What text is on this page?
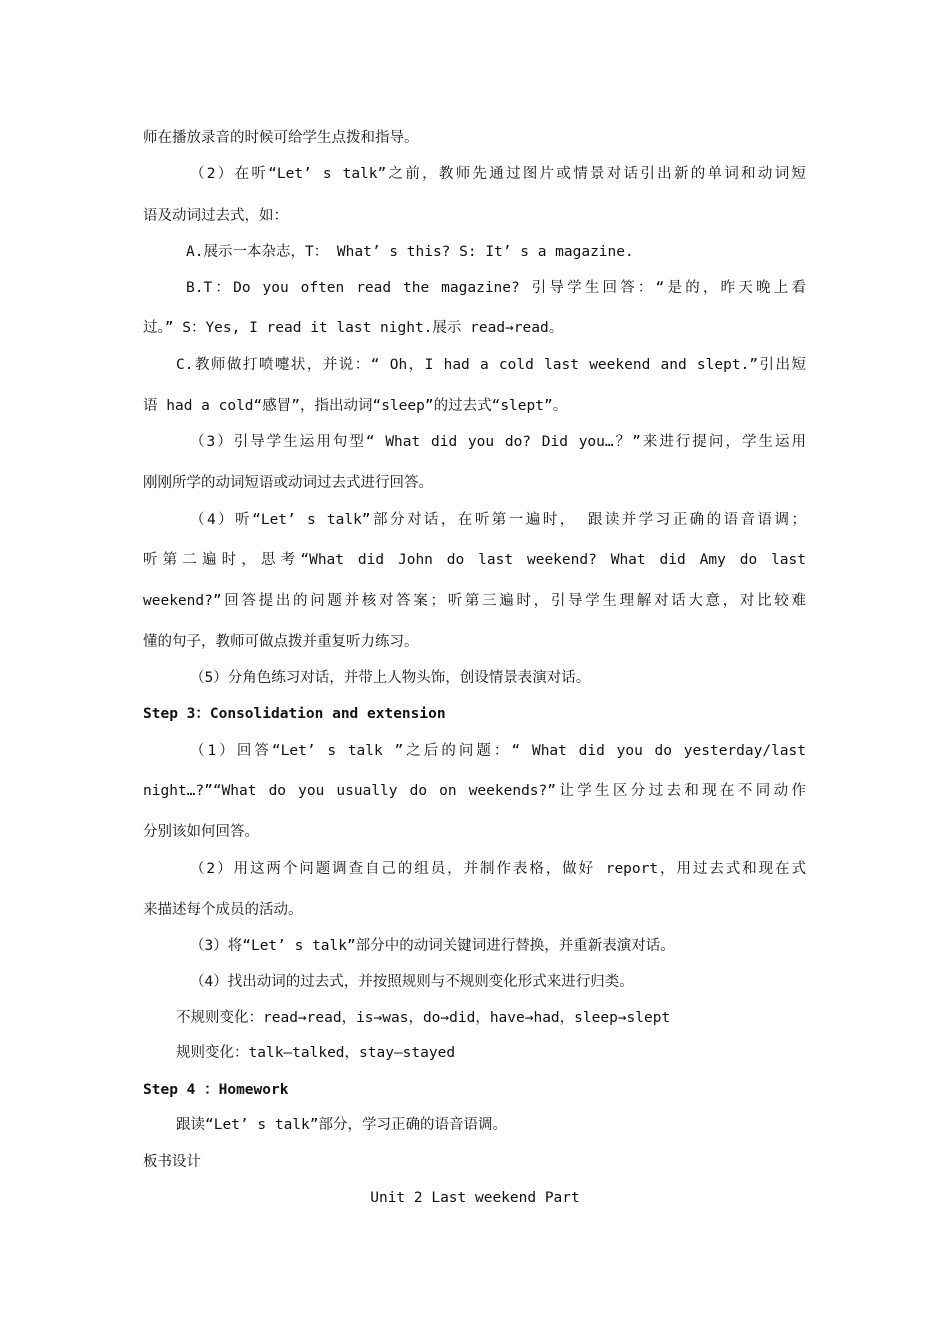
师在播放录音的时候可给学生点拨和指导。
（2）在听“Let’ s talk”之前，教师先通过图片或情景对话引出新的单词和动词短
语及动词过去式，如：
A.展示一本杂志，T： What’ s this? S: It’ s a magazine.
B.T：Do you often read the magazine? 引导学生回答：“是的，昨天晚上看
过。” S：Yes, I read it last night.展示 read→read。
C.教师做打喷嚏状，并说：“ Oh，I had a cold last weekend and slept.”引出短
语 had a cold“感冒”，指出动词“sleep”的过去式“slept”。
（3）引导学生运用句型“ What did you do? Did you…？”来进行提问，学生运用
刚刚所学的动词短语或动词过去式进行回答。
（4）听“Let’ s talk”部分对话，在听第一遍时， 跟读并学习正确的语音语调；
听第二遍时，思考“What did John do last weekend? What did Amy do last
weekend?”回答提出的问题并核对答案；听第三遍时，引导学生理解对话大意，对比较难
懂的句子，教师可做点拨并重复听力练习。
（5）分角色练习对话，并带上人物头饰，创设情景表演对话。
Step 3：Consolidation and extension
（1）回答“Let’ s talk ”之后的问题：“ What did you do yesterday/last
night…?”“What do you usually do on weekends?”让学生区分过去和现在不同动作
分别该如何回答。
（2）用这两个问题调查自己的组员，并制作表格，做好 report，用过去式和现在式
来描述每个成员的活动。
（3）将“Let’ s talk”部分中的动词关键词进行替换，并重新表演对话。
（4）找出动词的过去式，并按照规则与不规则变化形式来进行归类。
不规则变化：read→read，is→was，do→did，have→had，sleep→slept
规则变化：talk—talked，stay—stayed
Step 4 ：Homework
跟读“Let’ s talk”部分，学习正确的语音语调。
板书设计
Unit 2 Last weekend Part
